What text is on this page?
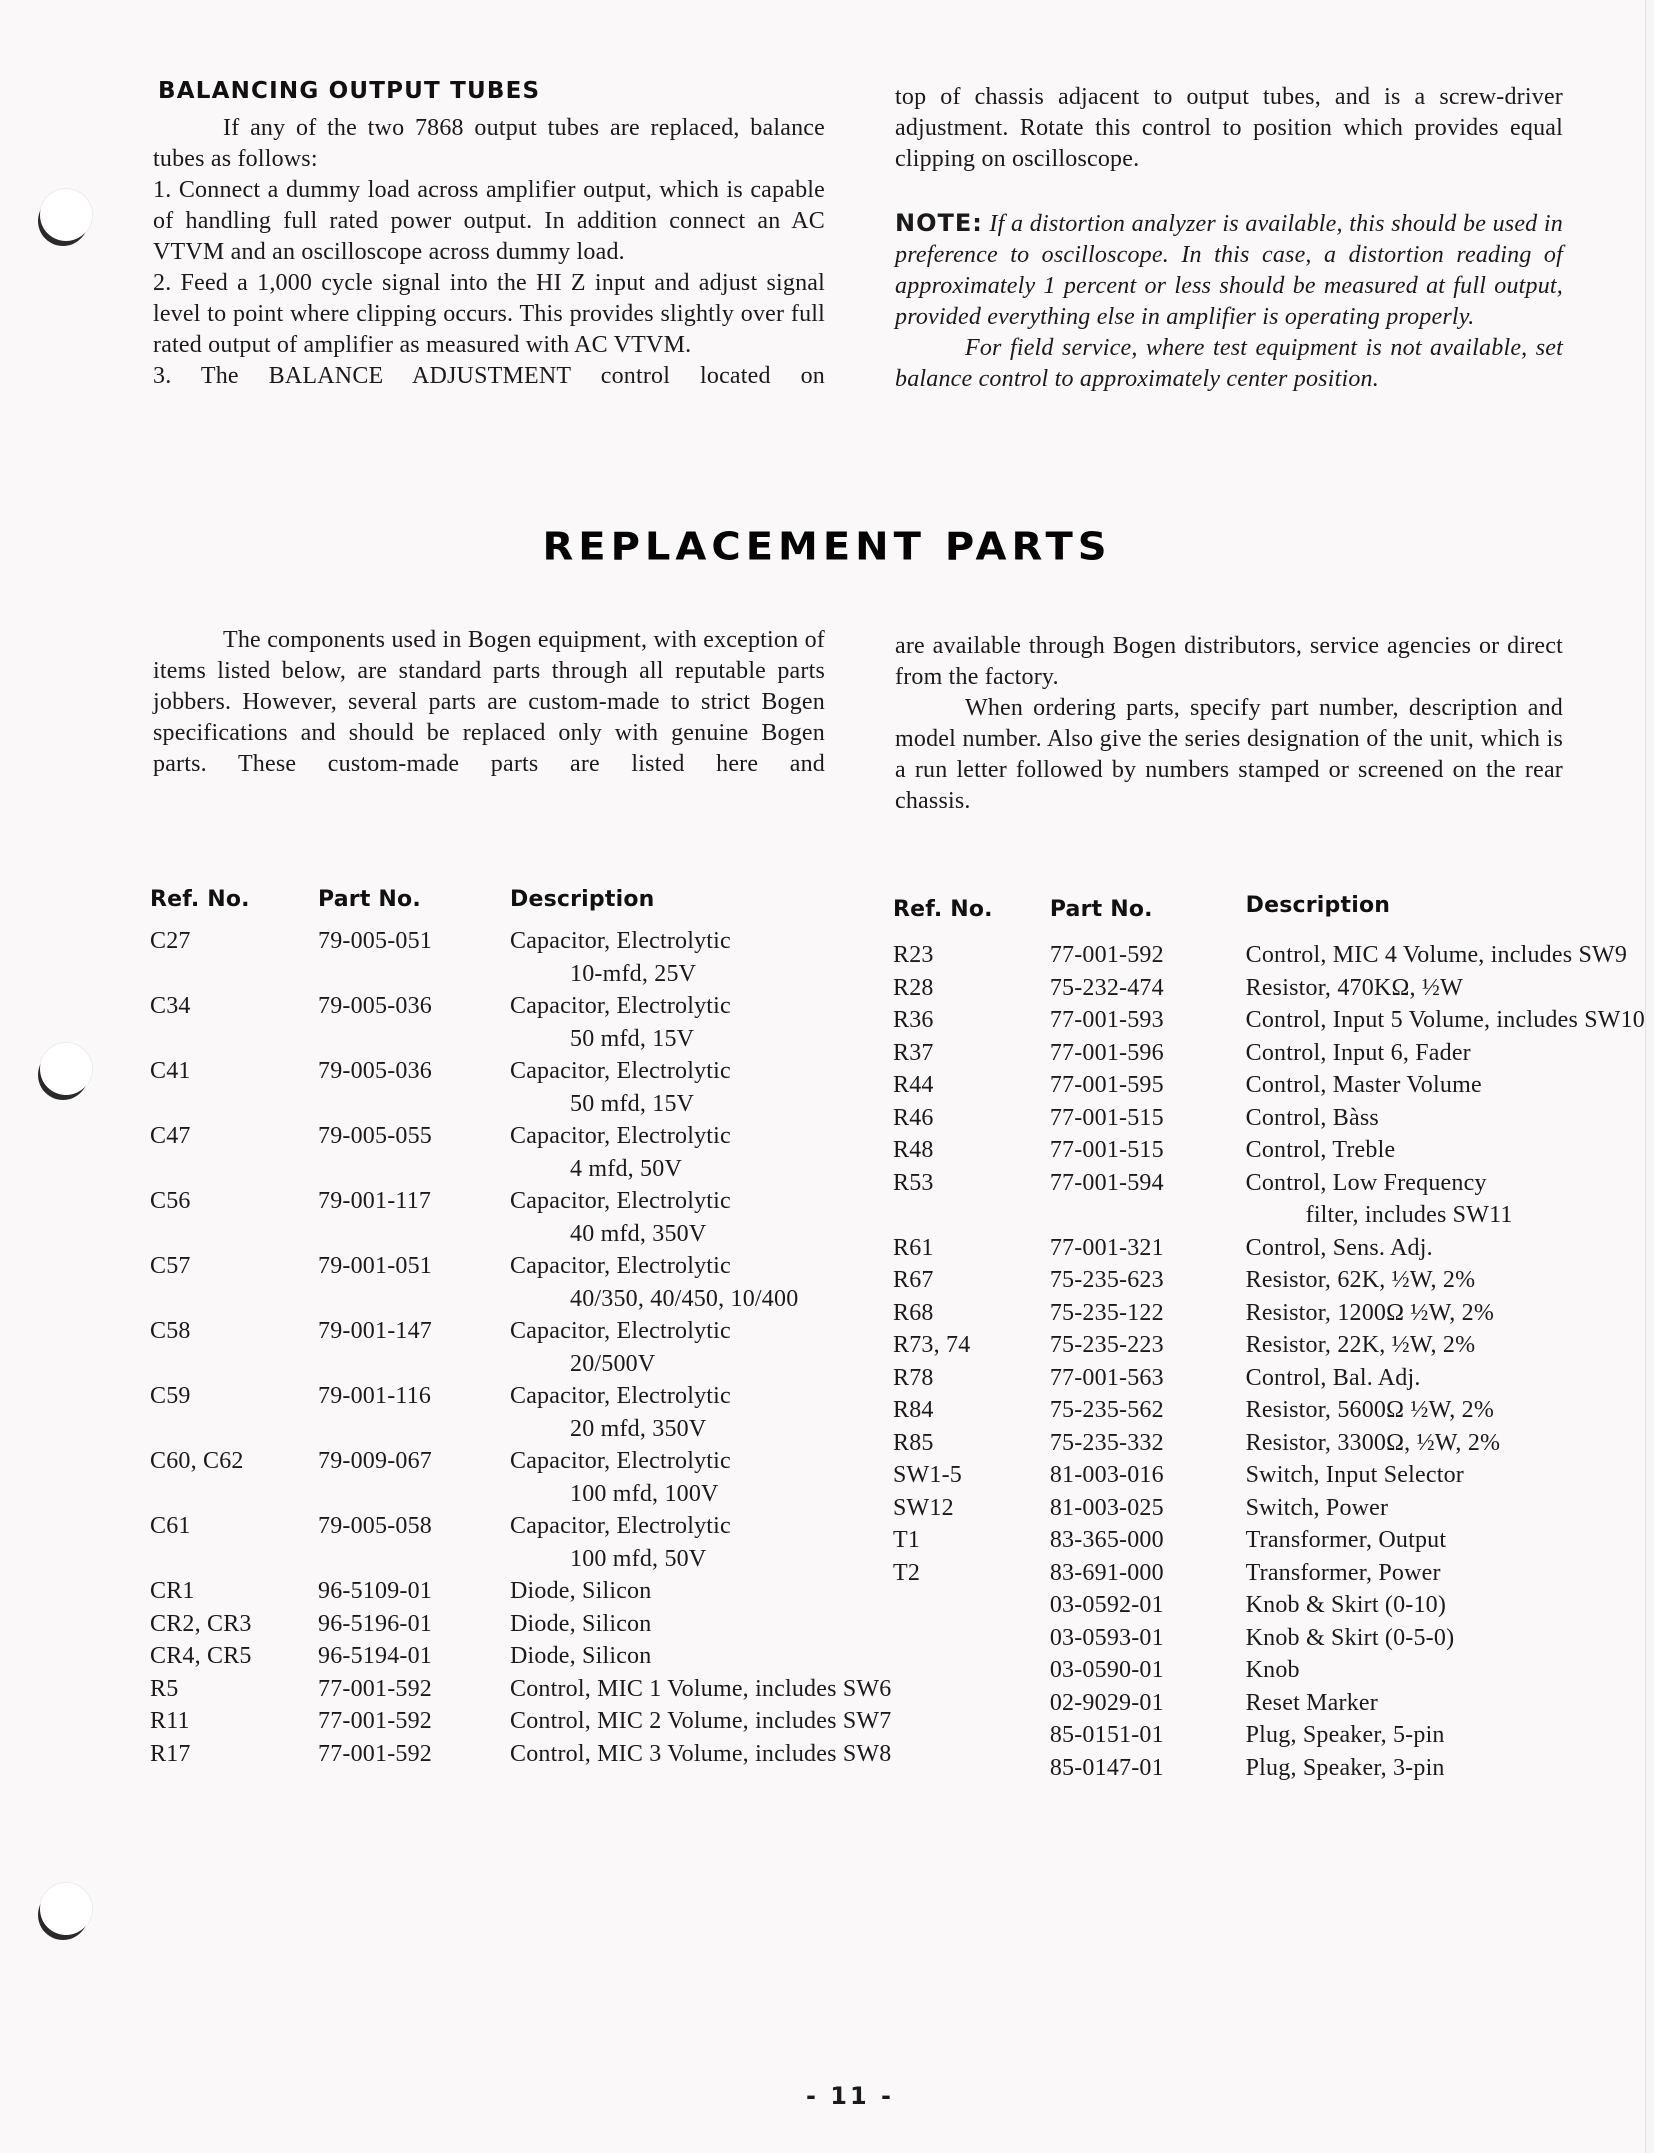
BALANCING OUTPUT TUBES

If any of the two 7868 output tubes are replaced, balance tubes as follows:

1. Connect a dummy load across amplifier output, which is capable of handling full rated power output. In addition connect an AC VTVM and an oscilloscope across dummy load.

2. Feed a 1,000 cycle signal into the HI Z input and adjust signal level to point where clipping occurs. This provides slightly over full rated output of amplifier as measured with AC VTVM.

3. The BALANCE ADJUSTMENT control located on

top of chassis adjacent to output tubes, and is a screw-driver adjustment. Rotate this control to position which provides equal clipping on oscilloscope.

NOTE: If a distortion analyzer is available, this should be used in preference to oscilloscope. In this case, a distortion reading of approximately 1 percent or less should be measured at full output, provided everything else in amplifier is operating properly.

For field service, where test equipment is not available, set balance control to approximately center position.

REPLACEMENT PARTS

The components used in Bogen equipment, with exception of items listed below, are standard parts through all reputable parts jobbers. However, several parts are custom-made to strict Bogen specifications and should be replaced only with genuine Bogen parts. These custom-made parts are listed here and

are available through Bogen distributors, service agencies or direct from the factory.

When ordering parts, specify part number, description and model number. Also give the series designation of the unit, which is a run letter followed by numbers stamped or screened on the rear chassis.

Ref. No.	Part No.	Description
C27	79-005-051	Capacitor, Electrolytic
10-mfd, 25V

C34	79-005-036	Capacitor, Electrolytic
50 mfd, 15V

C41	79-005-036	Capacitor, Electrolytic
50 mfd, 15V

C47	79-005-055	Capacitor, Electrolytic
4 mfd, 50V

C56	79-001-117	Capacitor, Electrolytic
40 mfd, 350V

C57	79-001-051	Capacitor, Electrolytic
40/350, 40/450, 10/400

C58	79-001-147	Capacitor, Electrolytic
20/500V

C59	79-001-116	Capacitor, Electrolytic
20 mfd, 350V

C60, C62	79-009-067	Capacitor, Electrolytic
100 mfd, 100V

C61	79-005-058	Capacitor, Electrolytic
100 mfd, 50V

CR1	96-5109-01	Diode, Silicon
CR2, CR3	96-5196-01	Diode, Silicon
CR4, CR5	96-5194-01	Diode, Silicon
R5	77-001-592	Control, MIC 1 Volume, includes SW6
R11	77-001-592	Control, MIC 2 Volume, includes SW7
R17	77-001-592	Control, MIC 3 Volume, includes SW8
Ref. No.	Part No.	Description
R23	77-001-592	Control, MIC 4 Volume, includes SW9
R28	75-232-474	Resistor, 470KΩ, ½W
R36	77-001-593	Control, Input 5 Volume, includes SW10
R37	77-001-596	Control, Input 6, Fader
R44	77-001-595	Control, Master Volume
R46	77-001-515	Control, Bàss
R48	77-001-515	Control, Treble
R53	77-001-594	Control, Low Frequency
filter, includes SW11

R61	77-001-321	Control, Sens. Adj.
R67	75-235-623	Resistor, 62K, ½W, 2%
R68	75-235-122	Resistor, 1200Ω ½W, 2%
R73, 74	75-235-223	Resistor, 22K, ½W, 2%
R78	77-001-563	Control, Bal. Adj.
R84	75-235-562	Resistor, 5600Ω ½W, 2%
R85	75-235-332	Resistor, 3300Ω, ½W, 2%
SW1-5	81-003-016	Switch, Input Selector
SW12	81-003-025	Switch, Power
T1	83-365-000	Transformer, Output
T2	83-691-000	Transformer, Power
	03-0592-01	Knob & Skirt (0-10)
	03-0593-01	Knob & Skirt (0-5-0)
	03-0590-01	Knob
	02-9029-01	Reset Marker
	85-0151-01	Plug, Speaker, 5-pin
	85-0147-01	Plug, Speaker, 3-pin
- 11 -
